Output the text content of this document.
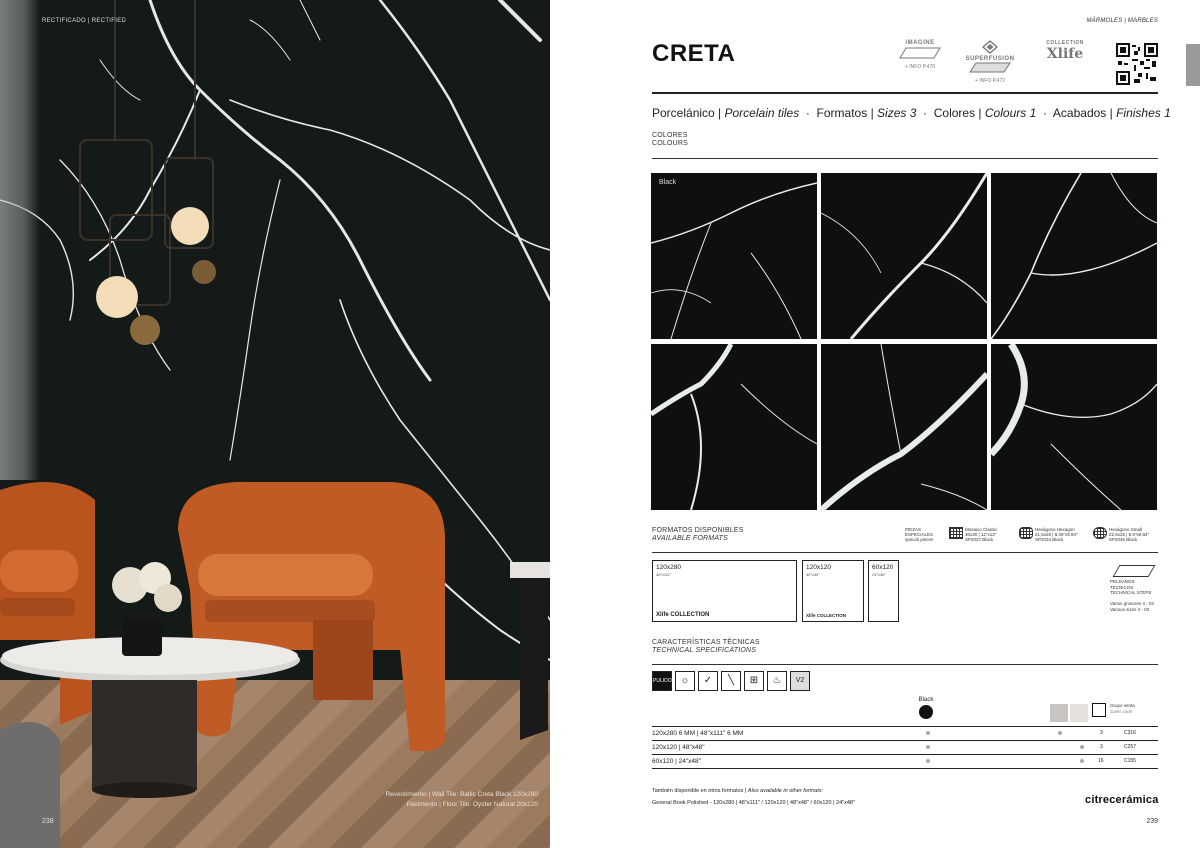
RECTIFICADO | RECTIFIED
Revestimiento | Wall Tile: Baltic Creta Black 120x280
Pavimento | Floor Tile: Oyster Natural 20x120
238
MÁRMOLES | MARBLES
CRETA	IMAGINE
+ INFO P.470
SUPERFUSION
+ INFO P.472
COLLECTION
Xlife
Porcelánico | Porcelain tiles  ·  Formatos | Sizes 3  ·  Colores | Colours 1  ·  Acabados | Finishes 1
COLORES
COLOURS
Black
FORMATOS DISPONIBLES
AVAILABLE FORMATS
PIEZAS ESPECIALES
special pieces
Mosaico Classic
30x30 | 12"x12"
SP2037 Black
Hexágono Hexagon
21,5x25 | 8.46"x9.84"
SP2034 Black
Hexágono Small
22,6x25 | 8.9"x9.84"
SP2046 Black
120x280
48"x111"
Xlife COLLECTION
120x120
48"x48"
Xlife COLLECTION
60x120
24"x48"
PELDAÑOS TÉCNICOS
TECHNICAL STEPS
Varios grosores 4 - 03
Various sizes 4 - 03
CARACTERÍSTICAS TÉCNICAS
TECHNICAL SPECIFICATIONS
PULIDO ☼	✓	╲	⊞	♨	V2
Black
Grupo venta
Sales code
120x280 6 MM | 48"x111" 6 MM	3	C316
120x120 | 48"x48"	3	C257
60x120 | 24"x48"	16	C155
También disponible en otros formatos | Also available in other formats:
General Book Polished - 120x280 | 48"x111" / 120x120 | 48"x48" / 60x120 | 24"x48"	citrecerámica
239
